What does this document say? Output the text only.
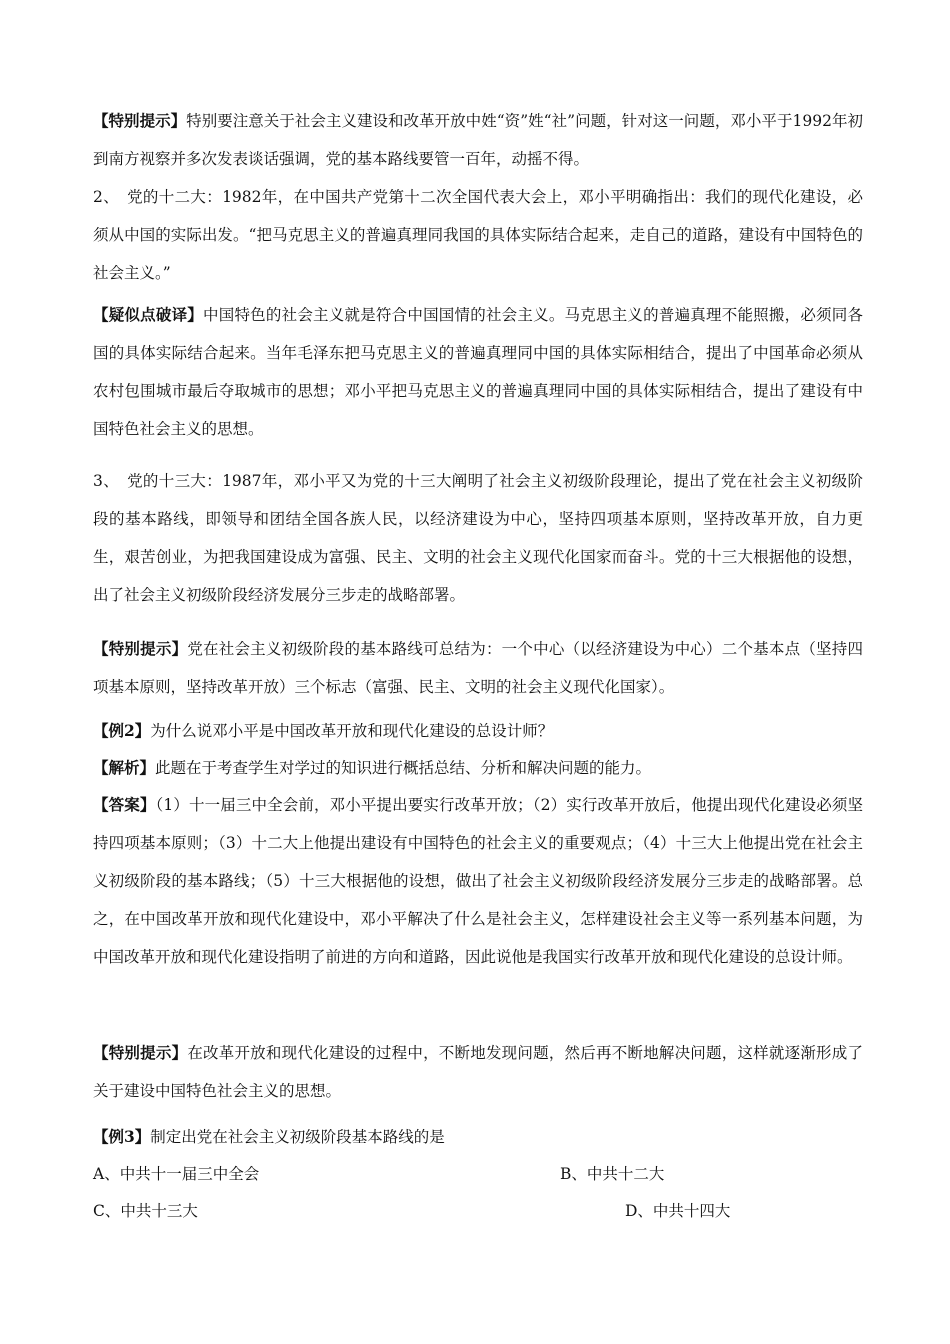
【特别提示】特别要注意关于社会主义建设和改革开放中姓“资”姓“社”问题，针对这一问题，邓小平于1992年初到南方视察并多次发表谈话强调，党的基本路线要管一百年，动摇不得。

2、　党的十二大：1982年，在中国共产党第十二次全国代表大会上，邓小平明确指出：我们的现代化建设，必须从中国的实际出发。“把马克思主义的普遍真理同我国的具体实际结合起来，走自己的道路，建设有中国特色的社会主义。”

【疑似点破译】中国特色的社会主义就是符合中国国情的社会主义。马克思主义的普遍真理不能照搬，必须同各国的具体实际结合起来。当年毛泽东把马克思主义的普遍真理同中国的具体实际相结合，提出了中国革命必须从农村包围城市最后夺取城市的思想；邓小平把马克思主义的普遍真理同中国的具体实际相结合，提出了建设有中国特色社会主义的思想。

3、　党的十三大：1987年，邓小平又为党的十三大阐明了社会主义初级阶段理论，提出了党在社会主义初级阶段的基本路线，即领导和团结全国各族人民，以经济建设为中心，坚持四项基本原则，坚持改革开放，自力更生，艰苦创业，为把我国建设成为富强、民主、文明的社会主义现代化国家而奋斗。党的十三大根据他的设想，出了社会主义初级阶段经济发展分三步走的战略部署。

【特别提示】党在社会主义初级阶段的基本路线可总结为：一个中心（以经济建设为中心）二个基本点（坚持四项基本原则，坚持改革开放）三个标志（富强、民主、文明的社会主义现代化国家）。

【例2】为什么说邓小平是中国改革开放和现代化建设的总设计师？

【解析】此题在于考查学生对学过的知识进行概括总结、分析和解决问题的能力。

【答案】（1）十一届三中全会前，邓小平提出要实行改革开放；（2）实行改革开放后，他提出现代化建设必须坚持四项基本原则；（3）十二大上他提出建设有中国特色的社会主义的重要观点；（4）十三大上他提出党在社会主义初级阶段的基本路线；（5）十三大根据他的设想，做出了社会主义初级阶段经济发展分三步走的战略部署。总之，在中国改革开放和现代化建设中，邓小平解决了什么是社会主义，怎样建设社会主义等一系列基本问题，为中国改革开放和现代化建设指明了前进的方向和道路，因此说他是我国实行改革开放和现代化建设的总设计师。

【特别提示】在改革开放和现代化建设的过程中，不断地发现问题，然后再不断地解决问题，这样就逐渐形成了关于建设中国特色社会主义的思想。

【例3】制定出党在社会主义初级阶段基本路线的是

A、中共十一届三中全会	B、中共十二大
C、中共十三大	D、中共十四大
